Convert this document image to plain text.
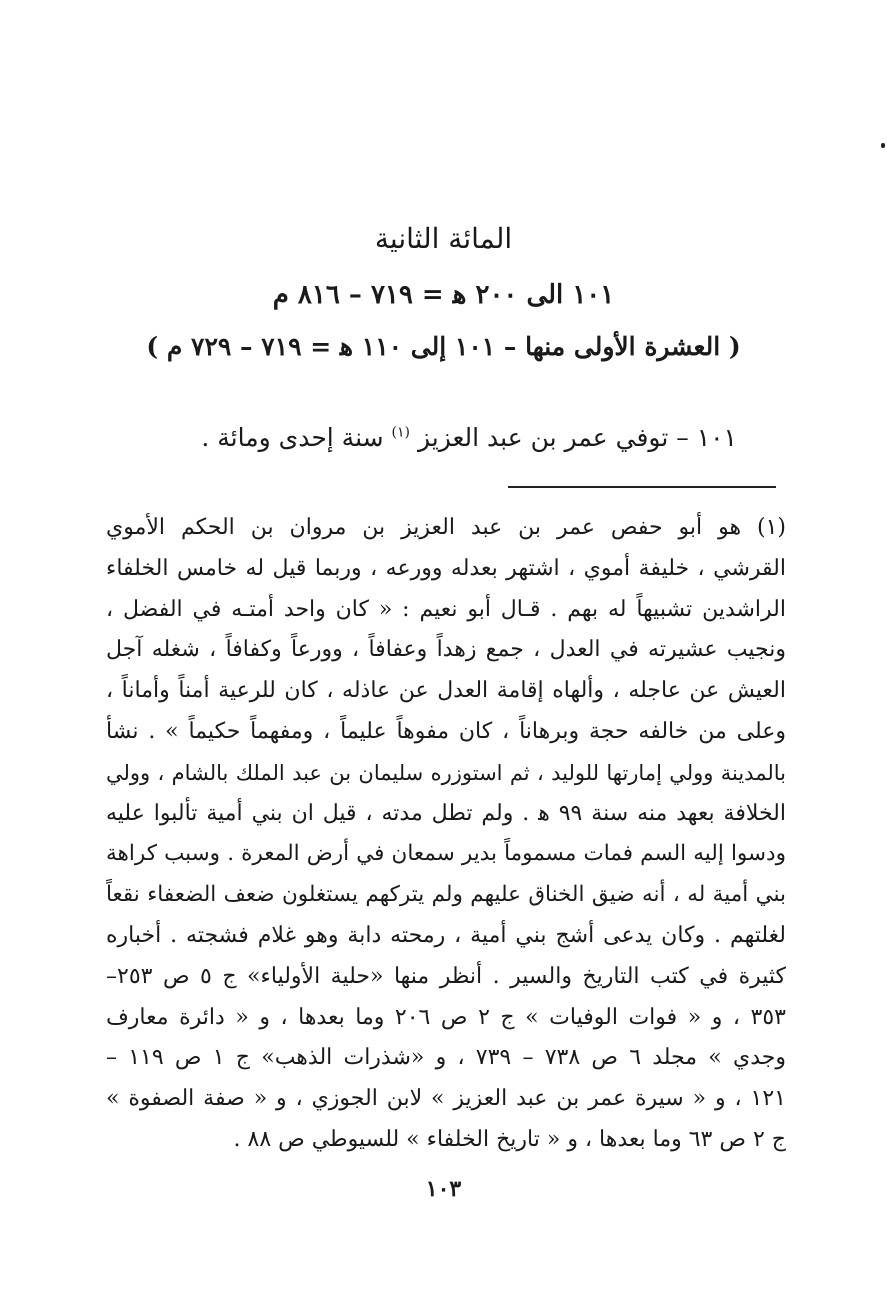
المائة الثانية
١٠١ الى ٢٠٠ ﻫ = ٧١٩ – ٨١٦ م
( العشرة الأولى منها – ١٠١ إلى ١١٠ ﻫ = ٧١٩ – ٧٢٩ م )
١٠١ – توفي عمر بن عبد العزيز $^{(١)}$ سنة إحدى ومائة .
(١) هو أبو حفص عمر بن عبد العزيز بن مروان بن الحكم الأموي
القرشي ، خليفة أموي ، اشتهر بعدله وورعه ، وربما قيل له خامس الخلفاء
الراشدين تشبيهاً له بهم . قـال أبو نعيم : « كان واحد أمتـه في الفضل ،
ونجيب عشيرته في العدل ، جمع زهداً وعفافاً ، وورعاً وكفافاً ، شغله آجل
العيش عن عاجله ، وألهاه إقامة العدل عن عاذله ، كان للرعية أمناً وأماناً ،
وعلى من خالفه حجة وبرهاناً ، كان مفوهاً عليماً ، ومفهماً حكيماً » . نشأ
بالمدينة وولي إمارتها للوليد ، ثم استوزره سليمان بن عبد الملك بالشام ، وولي
الخلافة بعهد منه سنة ٩٩ ﻫ . ولم تطل مدته ، قيل ان بني أمية تألبوا عليه
ودسوا إليه السم فمات مسموماً بدير سمعان في أرض المعرة . وسبب كراهة
بني أمية له ، أنه ضيق الخناق عليهم ولم يتركهم يستغلون ضعف الضعفاء نقعاً
لغلتهم . وكان يدعى أشج بني أمية ، رمحته دابة وهو غلام فشجته . أخباره
كثيرة في كتب التاريخ والسير . أنظر منها «حلية الأولياء» ج ٥ ص ٢٥٣–
٣٥٣ ، و « فوات الوفيات » ج ٢ ص ٢٠٦ وما بعدها ، و « دائرة معارف
وجدي » مجلد ٦ ص ٧٣٨ – ٧٣٩ ، و «شذرات الذهب» ج ١ ص ١١٩ –
١٢١ ، و « سيرة عمر بن عبد العزيز » لابن الجوزي ، و « صفة الصفوة »
ج ٢ ص ٦٣ وما بعدها ، و « تاريخ الخلفاء » للسيوطي ص ٨٨ .
١٠٣
